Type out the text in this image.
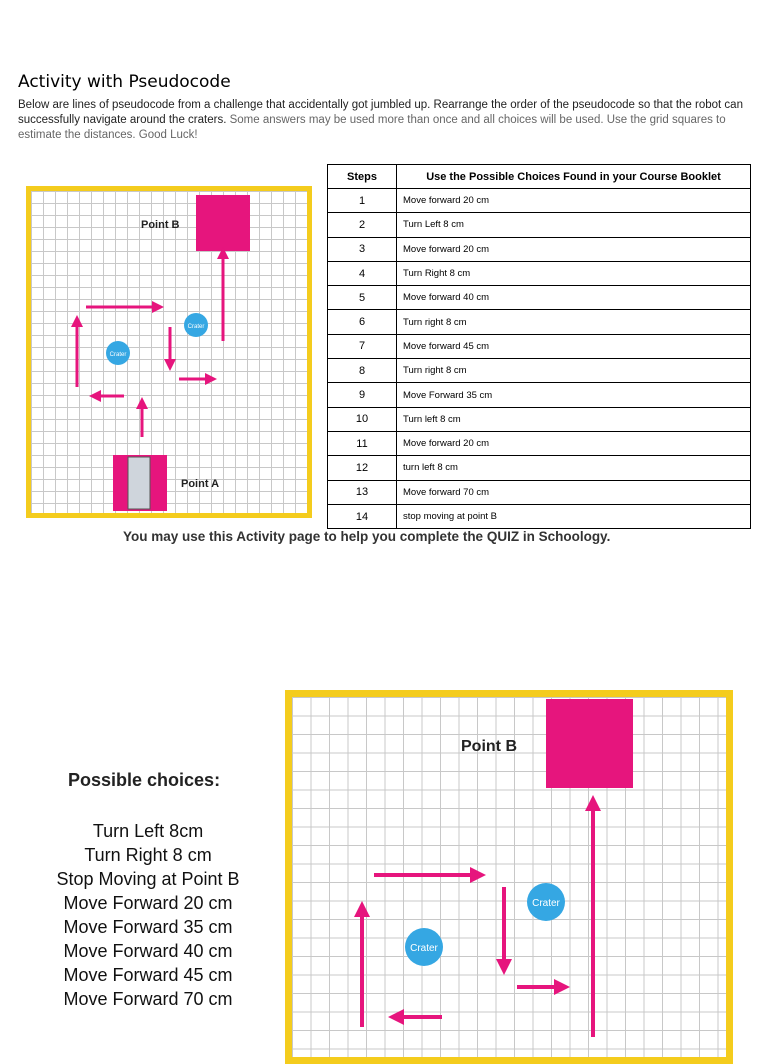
Activity with Pseudocode
Below are lines of pseudocode from a challenge that accidentally got jumbled up. Rearrange the order of the pseudocode so that the robot can successfully navigate around the craters. Some answers may be used more than once and all choices will be used. Use the grid squares to estimate the distances. Good Luck!
Point B
Point A
Crater
Crater
Steps	Use the Possible Choices Found in your Course Booklet
1	Move forward 20 cm
2	Turn Left 8 cm
3	Move forward 20 cm
4	Turn Right 8 cm
5	Move forward 40 cm
6	Turn right 8 cm
7	Move forward 45 cm
8	Turn right 8 cm
9	Move Forward 35 cm
10	Turn left 8 cm
11	Move forward 20 cm
12	turn left 8 cm
13	Move forward 70 cm
14	stop moving at point B
You may use this Activity page to help you complete the QUIZ in Schoology.
Possible choices:
Turn Left 8cm
Turn Right 8 cm
Stop Moving at Point B
Move Forward 20 cm
Move Forward 35 cm
Move Forward 40 cm
Move Forward 45 cm
Move Forward 70 cm
Point B
Crater
Crater
